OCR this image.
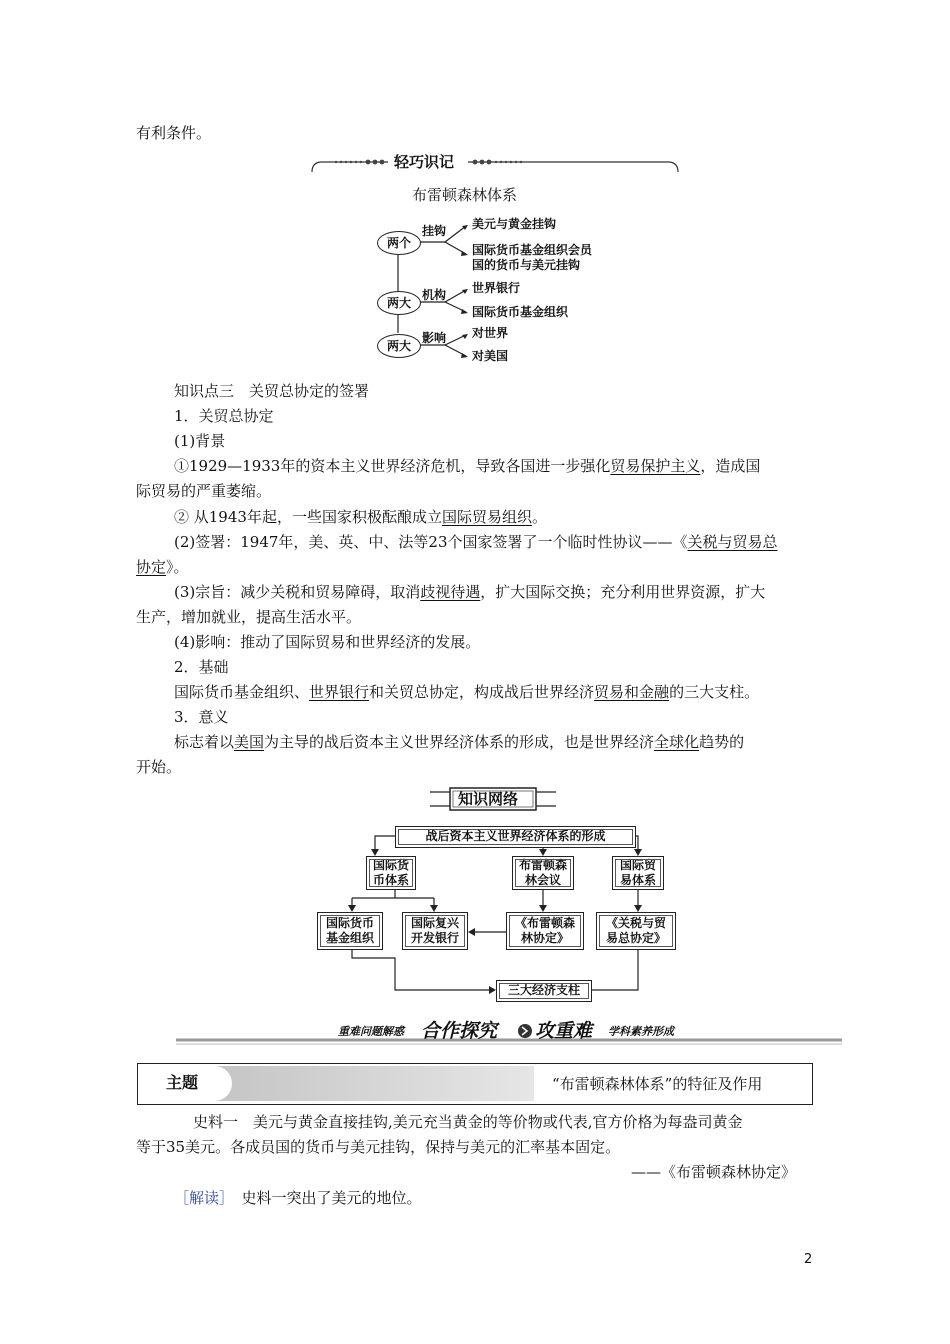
有利条件。
轻巧识记
布雷顿森林体系
两个
两大
两大
挂钩
机构
影响
美元与黄金挂钩
国际货币基金组织会员
国的货币与美元挂钩
世界银行
国际货币基金组织
对世界
对美国
知识点三　关贸总协定的签署
1．关贸总协定
(1)背景
①1929—1933年的资本主义世界经济危机，导致各国进一步强化贸易保护主义，造成国
际贸易的严重萎缩。
② 从1943年起，一些国家积极酝酿成立国际贸易组织。
(2)签署：1947年，美、英、中、法等23个国家签署了一个临时性协议——《关税与贸易总
协定》。
(3)宗旨：减少关税和贸易障碍，取消歧视待遇，扩大国际交换；充分利用世界资源，扩大
生产，增加就业，提高生活水平。
(4)影响：推动了国际贸易和世界经济的发展。
2．基础
国际货币基金组织、世界银行和关贸总协定，构成战后世界经济贸易和金融的三大支柱。
3．意义
标志着以美国为主导的战后资本主义世界经济体系的形成，也是世界经济全球化趋势的
开始。
知识网络
战后资本主义世界经济体系的形成
国际货
币体系
布雷顿森
林会议
国际贸
易体系
国际货币
基金组织
国际复兴
开发银行
《布雷顿森
林协定》
《关税与贸
易总协定》
三大经济支柱
重难问题解惑 合作探究 攻重难 学科素养形成
主题	“布雷顿森林体系”的特征及作用
史料一　美元与黄金直接挂钩,美元充当黄金的等价物或代表,官方价格为每盎司黄金
等于35美元。各成员国的货币与美元挂钩，保持与美元的汇率基本固定。
——《布雷顿森林协定》
［解读］　 史料一突出了美元的地位。
2
